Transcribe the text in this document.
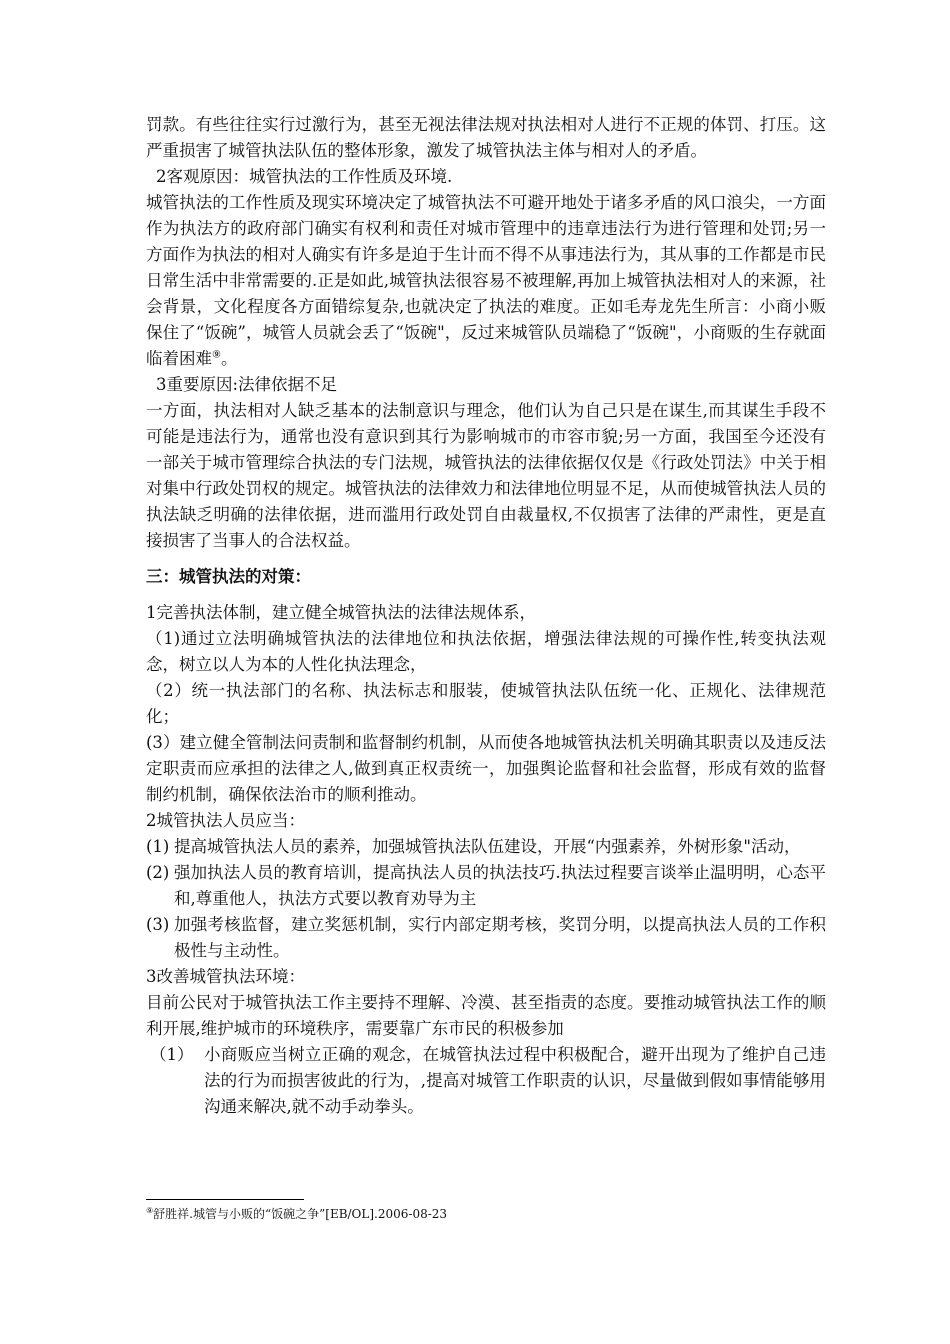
罚款。有些往往实行过激行为，甚至无视法律法规对执法相对人进行不正规的体罚、打压。这严重损害了城管执法队伍的整体形象，激发了城管执法主体与相对人的矛盾。

2客观原因：城管执法的工作性质及环境.

城管执法的工作性质及现实环境决定了城管执法不可避开地处于诸多矛盾的风口浪尖，一方面作为执法方的政府部门确实有权利和责任对城市管理中的违章违法行为进行管理和处罚;另一方面作为执法的相对人确实有许多是迫于生计而不得不从事违法行为，其从事的工作都是市民日常生活中非常需要的.正是如此,城管执法很容易不被理解,再加上城管执法相对人的来源，社会背景，文化程度各方面错综复杂,也就决定了执法的难度。正如毛寿龙先生所言：小商小贩保住了“饭碗”，城管人员就会丢了“饭碗"，反过来城管队员端稳了“饭碗"，小商贩的生存就面临着困难⑨。

3重要原因:法律依据不足

一方面，执法相对人缺乏基本的法制意识与理念，他们认为自己只是在谋生,而其谋生手段不可能是违法行为，通常也没有意识到其行为影响城市的市容市貌;另一方面，我国至今还没有一部关于城市管理综合执法的专门法规，城管执法的法律依据仅仅是《行政处罚法》中关于相对集中行政处罚权的规定。城管执法的法律效力和法律地位明显不足，从而使城管执法人员的执法缺乏明确的法律依据，进而滥用行政处罚自由裁量权,不仅损害了法律的严肃性，更是直接损害了当事人的合法权益。

三：城管执法的对策：

1完善执法体制，建立健全城管执法的法律法规体系，

（1)通过立法明确城管执法的法律地位和执法依据，增强法律法规的可操作性,转变执法观念，树立以人为本的人性化执法理念，

（2）统一执法部门的名称、执法标志和服装，使城管执法队伍统一化、正规化、法律规范化；

(3）建立健全管制法问责制和监督制约机制，从而使各地城管执法机关明确其职责以及违反法定职责而应承担的法律之人,做到真正权责统一，加强舆论监督和社会监督，形成有效的监督制约机制，确保依法治市的顺利推动。

2城管执法人员应当：

(1) 提高城管执法人员的素养，加强城管执法队伍建设，开展“内强素养，外树形象"活动，
(2) 强加执法人员的教育培训，提高执法人员的执法技巧.执法过程要言谈举止温明明，心态平和,尊重他人，执法方式要以教育劝导为主
(3) 加强考核监督，建立奖惩机制，实行内部定期考核，奖罚分明，以提高执法人员的工作积极性与主动性。

3改善城管执法环境：

目前公民对于城管执法工作主要持不理解、冷漠、甚至指责的态度。要推动城管执法工作的顺利开展,维护城市的环境秩序，需要靠广东市民的积极参加

（1） 小商贩应当树立正确的观念，在城管执法过程中积极配合，避开出现为了维护自己违法的行为而损害彼此的行为，,提高对城管工作职责的认识，尽量做到假如事情能够用沟通来解决,就不动手动拳头。
⑨舒胜祥.城管与小贩的“饭碗之争”[EB/OL].2006-08-23
